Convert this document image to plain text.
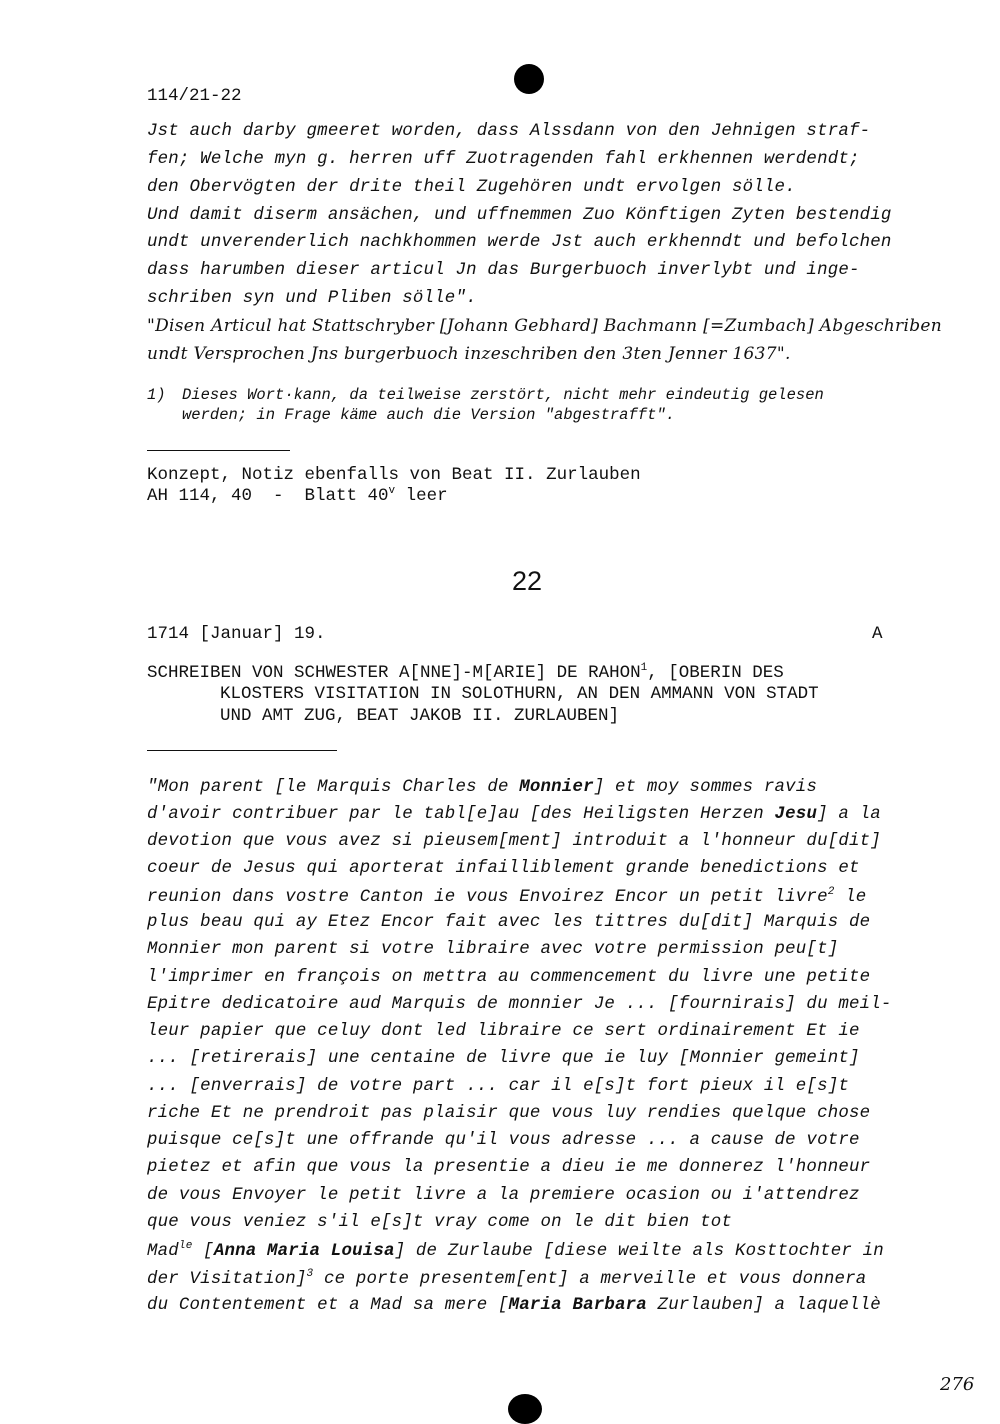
114/21-22
Jst auch darby gmeeret worden, dass Alssdann von den Jehnigen straf-
fen; Welche myn g. herren uff Zuotragenden fahl erkhennen werdendt;
den Obervögten der drite theil Zugehören undt ervolgen sölle.
Und damit diserm ansächen, und uffnemmen Zuo Könftigen Zyten bestendig
undt unverenderlich nachkhommen werde Jst auch erkhenndt und befolchen
dass harumben dieser articul Jn das Burgerbuoch inverlybt und inge-
schriben syn und Pliben sölle".
"Disen Articul hat Stattschryber [Johann Gebhard] Bachmann [=Zumbach] Abgeschriben
undt Versprochen Jns burgerbuoch inzeschriben den 3ten Jenner 1637".
1) Dieses Wort·kann, da teilweise zerstört, nicht mehr eindeutig gelesen
werden; in Frage käme auch die Version "abgestrafft".
Konzept, Notiz ebenfalls von Beat II. Zurlauben
AH 114, 40  -  Blatt 40$^v$ leer
22
1714 [Januar] 19.	A
SCHREIBEN VON SCHWESTER A[NNE]-M[ARIE] DE RAHON$^1$, [OBERIN DES
KLOSTERS VISITATION IN SOLOTHURN, AN DEN AMMANN VON STADT
UND AMT ZUG, BEAT JAKOB II. ZURLAUBEN]
"Mon parent [le Marquis Charles de Monnier] et moy sommes ravis
d'avoir contribuer par le tabl[e]au [des Heiligsten Herzen Jesu] a la
devotion que vous avez si pieusem[ment] introduit a l'honneur du[dit]
coeur de Jesus qui aporterat infailliblement grande benedictions et
reunion dans vostre Canton ie vous Envoirez Encor un petit livre$^2$ le
plus beau qui ay Etez Encor fait avec les tittres du[dit] Marquis de
Monnier mon parent si votre libraire avec votre permission peu[t]
l'imprimer en françois on mettra au commencement du livre une petite
Epitre dedicatoire aud Marquis de monnier Je ... [fournirais] du meil-
leur papier que celuy dont led libraire ce sert ordinairement Et ie
... [retirerais] une centaine de livre que ie luy [Monnier gemeint]
... [enverrais] de votre part ... car il e[s]t fort pieux il e[s]t
riche Et ne prendroit pas plaisir que vous luy rendies quelque chose
puisque ce[s]t une offrande qu'il vous adresse ... a cause de votre
pietez et afin que vous la presentie a dieu ie me donnerez l'honneur
de vous Envoyer le petit livre a la premiere ocasion ou i'attendrez
que vous veniez s'il e[s]t vray come on le dit bien tot
Mad$^{le}$ [Anna Maria Louisa] de Zurlaube [diese weilte als Kosttochter in
der Visitation]$^3$ ce porte presentem[ent] a merveille et vous donnera
du Contentement et a Mad sa mere [Maria Barbara Zurlauben] a laquellè
276
